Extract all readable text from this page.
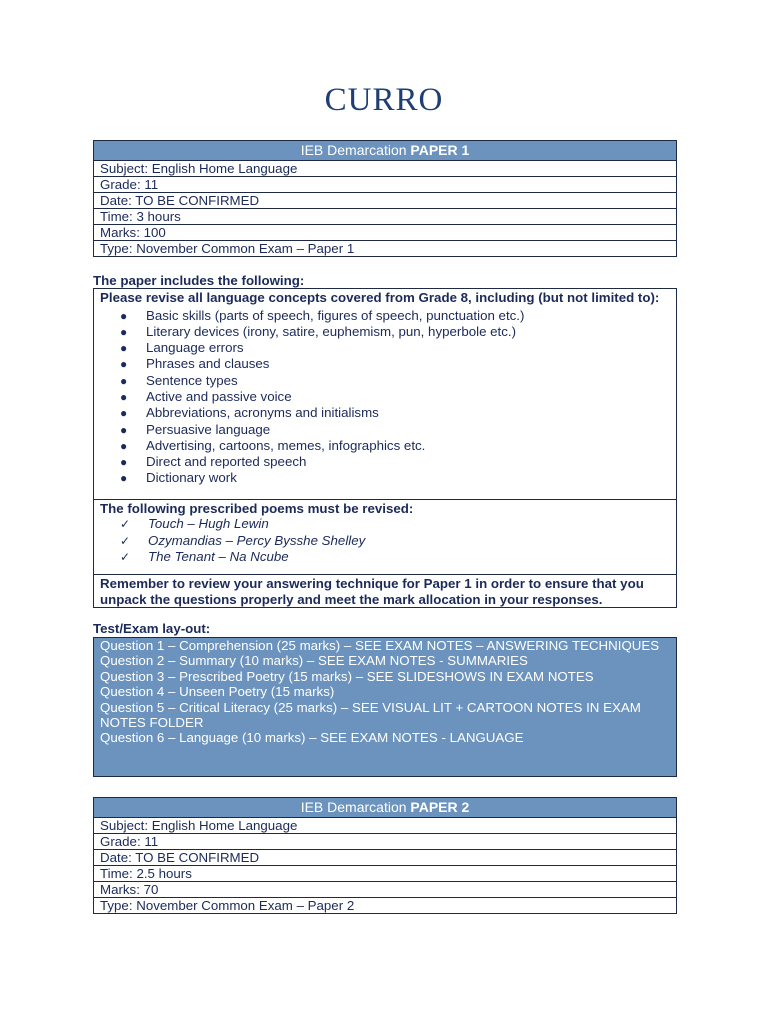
CURRO
IEB Demarcation PAPER 1
Subject: English Home Language
Grade: 11
Date: TO BE CONFIRMED
Time: 3 hours
Marks: 100
Type: November Common Exam – Paper 1
The paper includes the following:
Please revise all language concepts covered from Grade 8, including (but not limited to):
● Basic skills (parts of speech, figures of speech, punctuation etc.)
● Literary devices (irony, satire, euphemism, pun, hyperbole etc.)
● Language errors
● Phrases and clauses
● Sentence types
● Active and passive voice
● Abbreviations, acronyms and initialisms
● Persuasive language
● Advertising, cartoons, memes, infographics etc.
● Direct and reported speech
● Dictionary work
The following prescribed poems must be revised:
✓ Touch – Hugh Lewin
✓ Ozymandias – Percy Bysshe Shelley
✓ The Tenant – Na Ncube
Remember to review your answering technique for Paper 1 in order to ensure that you unpack the questions properly and meet the mark allocation in your responses.
Test/Exam lay-out:
Question 1 – Comprehension (25 marks) – SEE EXAM NOTES – ANSWERING TECHNIQUES
Question 2 – Summary (10 marks) – SEE EXAM NOTES - SUMMARIES
Question 3 – Prescribed Poetry (15 marks) – SEE SLIDESHOWS IN EXAM NOTES
Question 4 – Unseen Poetry (15 marks)
Question 5 – Critical Literacy (25 marks) – SEE VISUAL LIT + CARTOON NOTES IN EXAM NOTES FOLDER
Question 6 – Language (10 marks) – SEE EXAM NOTES - LANGUAGE
IEB Demarcation PAPER 2
Subject: English Home Language
Grade: 11
Date: TO BE CONFIRMED
Time: 2.5 hours
Marks: 70
Type: November Common Exam – Paper 2
